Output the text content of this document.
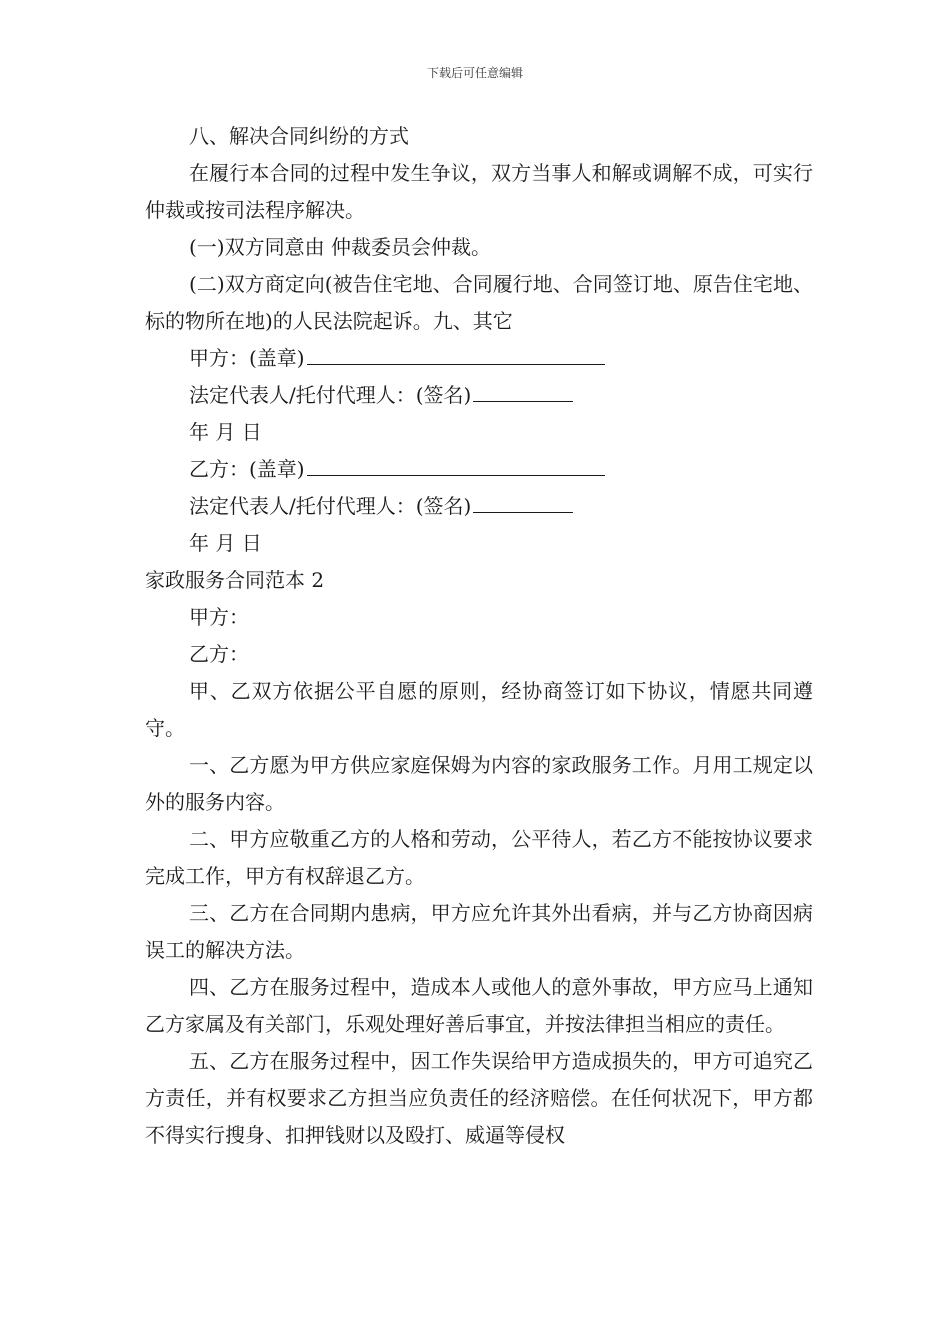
下载后可任意编辑

八、解决合同纠纷的方式

在履行本合同的过程中发生争议，双方当事人和解或调解不成，可实行仲裁或按司法程序解决。

(一)双方同意由 仲裁委员会仲裁。

(二)双方商定向(被告住宅地、合同履行地、合同签订地、原告住宅地、标的物所在地)的人民法院起诉。九、其它

甲方：(盖章)
法定代表人/托付代理人：(签名)
年 月 日
乙方：(盖章)
法定代表人/托付代理人：(签名)
年 月 日

家政服务合同范本 2

甲方：
乙方：

甲、乙双方依据公平自愿的原则，经协商签订如下协议，情愿共同遵守。

一、乙方愿为甲方供应家庭保姆为内容的家政服务工作。月用工规定以外的服务内容。

二、甲方应敬重乙方的人格和劳动，公平待人，若乙方不能按协议要求完成工作，甲方有权辞退乙方。

三、乙方在合同期内患病，甲方应允许其外出看病，并与乙方协商因病误工的解决方法。

四、乙方在服务过程中，造成本人或他人的意外事故，甲方应马上通知乙方家属及有关部门，乐观处理好善后事宜，并按法律担当相应的责任。

五、乙方在服务过程中，因工作失误给甲方造成损失的，甲方可追究乙方责任，并有权要求乙方担当应负责任的经济赔偿。在任何状况下，甲方都不得实行搜身、扣押钱财以及殴打、威逼等侵权
